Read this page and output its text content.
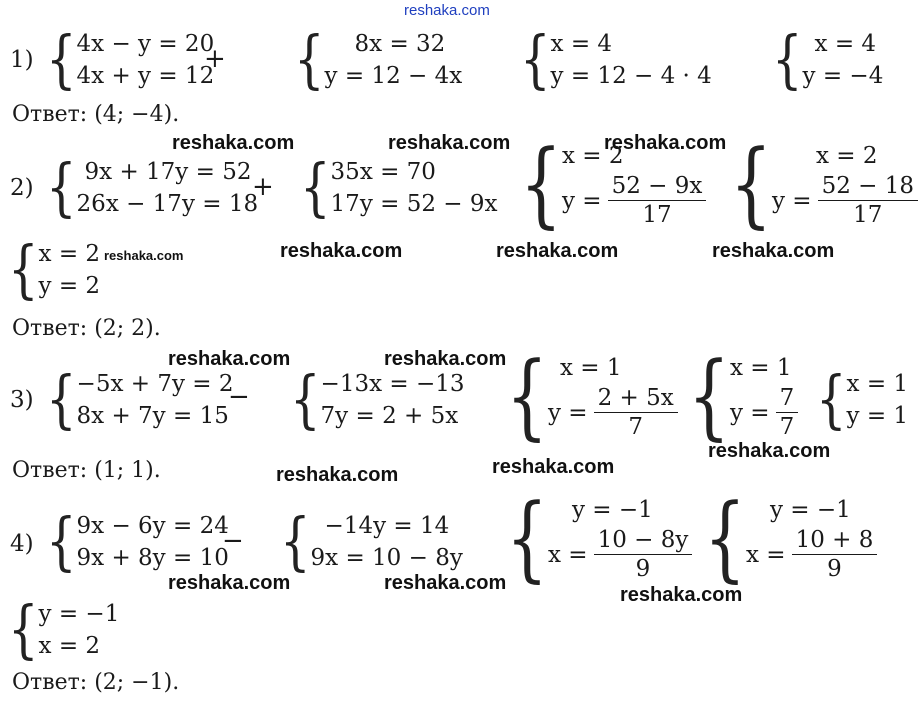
reshaka.com
1) { 4x − y = 20
4x + y = 12
+ {	8x = 32
y = 12 − 4x { x = 4
y = 12 − 4 · 4 { x = 4
y = −4
Ответ: (4; −4).
reshaka.com	reshaka.com	reshaka.com
2) { 9x + 17y = 52
26x − 17y = 18
+ { 35x = 70
17y = 52 − 9x { x = 2
$y = \frac{52 - 9x}{17}$ {	x = 2
$y = \frac{52 - 18}{17}$
{ x = 2
y = 2
reshaka.com	reshaka.com	reshaka.com	reshaka.com
Ответ: (2; 2).
reshaka.com	reshaka.com
3) { −5x + 7y = 2
8x + 7y = 15
− { −13x = −13
7y = 2 + 5x { x = 1
$y = \frac{2 + 5x}{7}$ { x = 1
$y = \frac{7}{7}$ { x = 1
y = 1
reshaka.com
Ответ: (1; 1).	reshaka.com	reshaka.com
4) { 9x − 6y = 24
9x + 8y = 10
− { −14y = 14
9x = 10 − 8y {	y = −1
$x = \frac{10 - 8y}{9}$ {	y = −1
$x = \frac{10 + 8}{9}$
reshaka.com	reshaka.com
reshaka.com
{ y = −1
x = 2
Ответ: (2; −1).
